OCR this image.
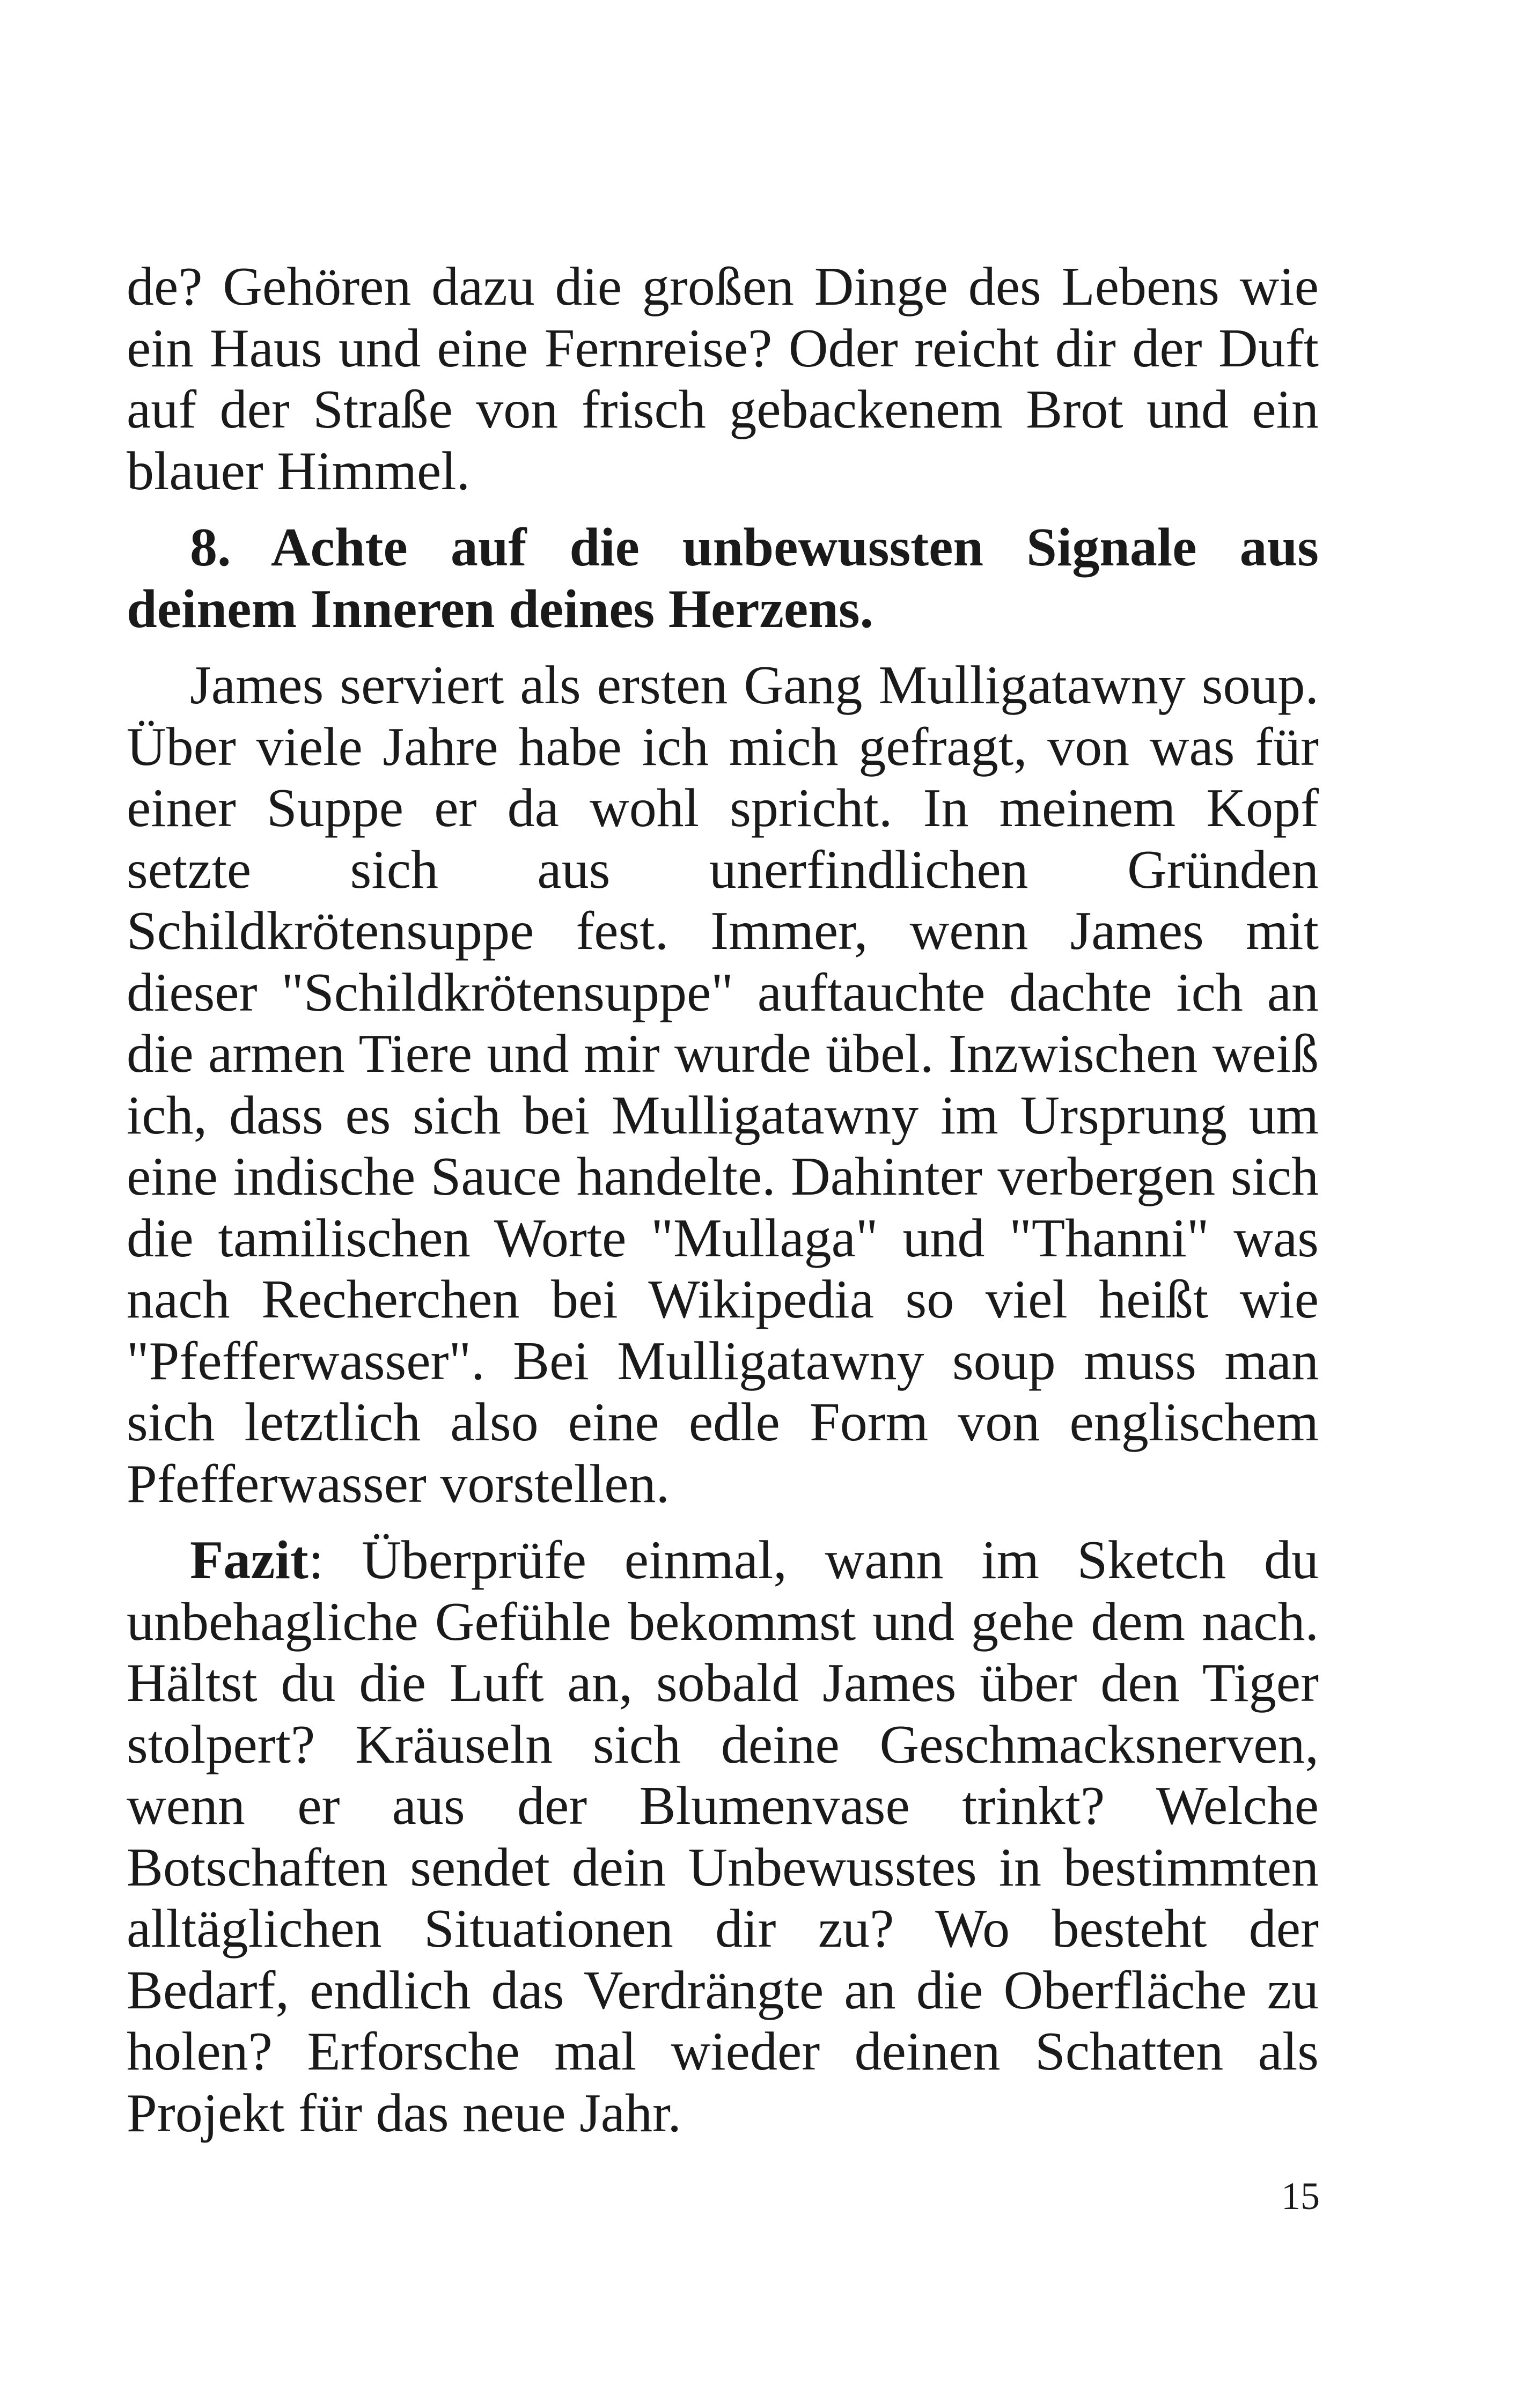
de? Gehören dazu die großen Dinge des Lebens wie ein Haus und eine Fernreise? Oder reicht dir der Duft auf der Straße von frisch gebackenem Brot und ein blauer Himmel.

8. Achte auf die unbewussten Signale aus deinem Inneren deines Herzens.

James serviert als ersten Gang Mulligatawny soup. Über viele Jahre habe ich mich gefragt, von was für einer Suppe er da wohl spricht. In meinem Kopf setzte sich aus unerfindlichen Gründen Schildkrötensuppe fest. Immer, wenn James mit dieser "Schildkrötensuppe" auftauchte dachte ich an die armen Tiere und mir wurde übel. Inzwischen weiß ich, dass es sich bei Mulligatawny im Ursprung um eine indische Sauce handelte. Dahinter verbergen sich die tamilischen Worte "Mullaga" und "Thanni" was nach Recherchen bei Wikipedia so viel heißt wie "Pfefferwasser". Bei Mulligatawny soup muss man sich letztlich also eine edle Form von englischem Pfefferwasser vorstellen.

Fazit: Überprüfe einmal, wann im Sketch du unbehagliche Gefühle bekommst und gehe dem nach. Hältst du die Luft an, sobald James über den Tiger stolpert? Kräuseln sich deine Geschmacksnerven, wenn er aus der Blumenvase trinkt? Welche Botschaften sendet dein Unbewusstes in bestimmten alltäglichen Situationen dir zu? Wo besteht der Bedarf, endlich das Verdrängte an die Oberfläche zu holen? Erforsche mal wieder deinen Schatten als Projekt für das neue Jahr.

15
